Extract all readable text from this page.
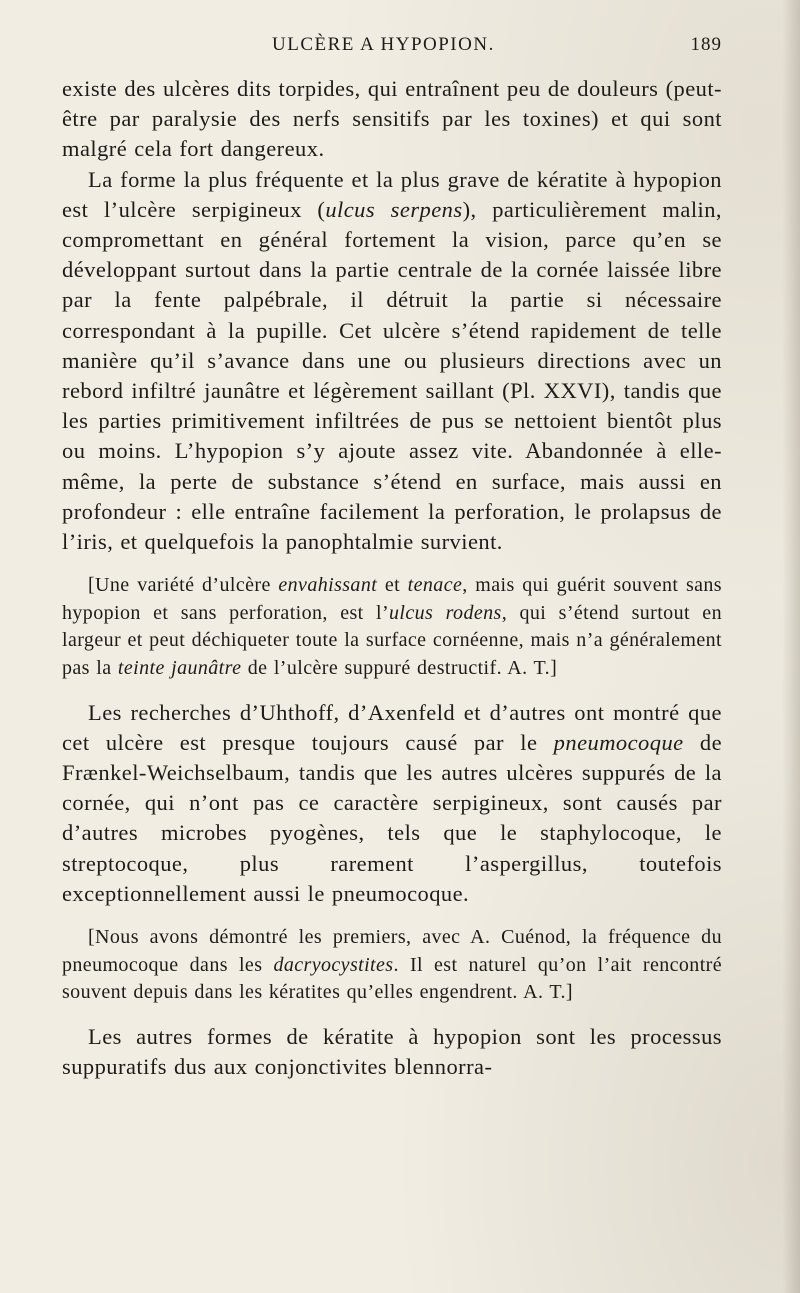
ULCÈRE A HYPOPION.	189

existe des ulcères dits torpides, qui entraînent peu de douleurs (peut-être par paralysie des nerfs sensitifs par les toxines) et qui sont malgré cela fort dangereux.

La forme la plus fréquente et la plus grave de kératite à hypopion est l’ulcère serpigineux (ulcus serpens), particulièrement malin, compromettant en général fortement la vision, parce qu’en se développant surtout dans la partie centrale de la cornée laissée libre par la fente palpébrale, il détruit la partie si nécessaire correspondant à la pupille. Cet ulcère s’étend rapidement de telle manière qu’il s’avance dans une ou plusieurs directions avec un rebord infiltré jaunâtre et légèrement saillant (Pl. XXVI), tandis que les parties primitivement infiltrées de pus se nettoient bientôt plus ou moins. L’hypopion s’y ajoute assez vite. Abandonnée à elle-même, la perte de substance s’étend en surface, mais aussi en profondeur : elle entraîne facilement la perforation, le prolapsus de l’iris, et quelquefois la panophtalmie survient.

[Une variété d’ulcère envahissant et tenace, mais qui guérit souvent sans hypopion et sans perforation, est l’ulcus rodens, qui s’étend surtout en largeur et peut déchiqueter toute la surface cornéenne, mais n’a généralement pas la teinte jaunâtre de l’ulcère suppuré destructif. A. T.]

Les recherches d’Uhthoff, d’Axenfeld et d’autres ont montré que cet ulcère est presque toujours causé par le pneumocoque de Frænkel-Weichselbaum, tandis que les autres ulcères suppurés de la cornée, qui n’ont pas ce caractère serpigineux, sont causés par d’autres microbes pyogènes, tels que le staphylocoque, le streptocoque, plus rarement l’aspergillus, toutefois exceptionnellement aussi le pneumocoque.

[Nous avons démontré les premiers, avec A. Cuénod, la fréquence du pneumocoque dans les dacryocystites. Il est naturel qu’on l’ait rencontré souvent depuis dans les kératites qu’elles engendrent. A. T.]

Les autres formes de kératite à hypopion sont les processus suppuratifs dus aux conjonctivites blennorra-
